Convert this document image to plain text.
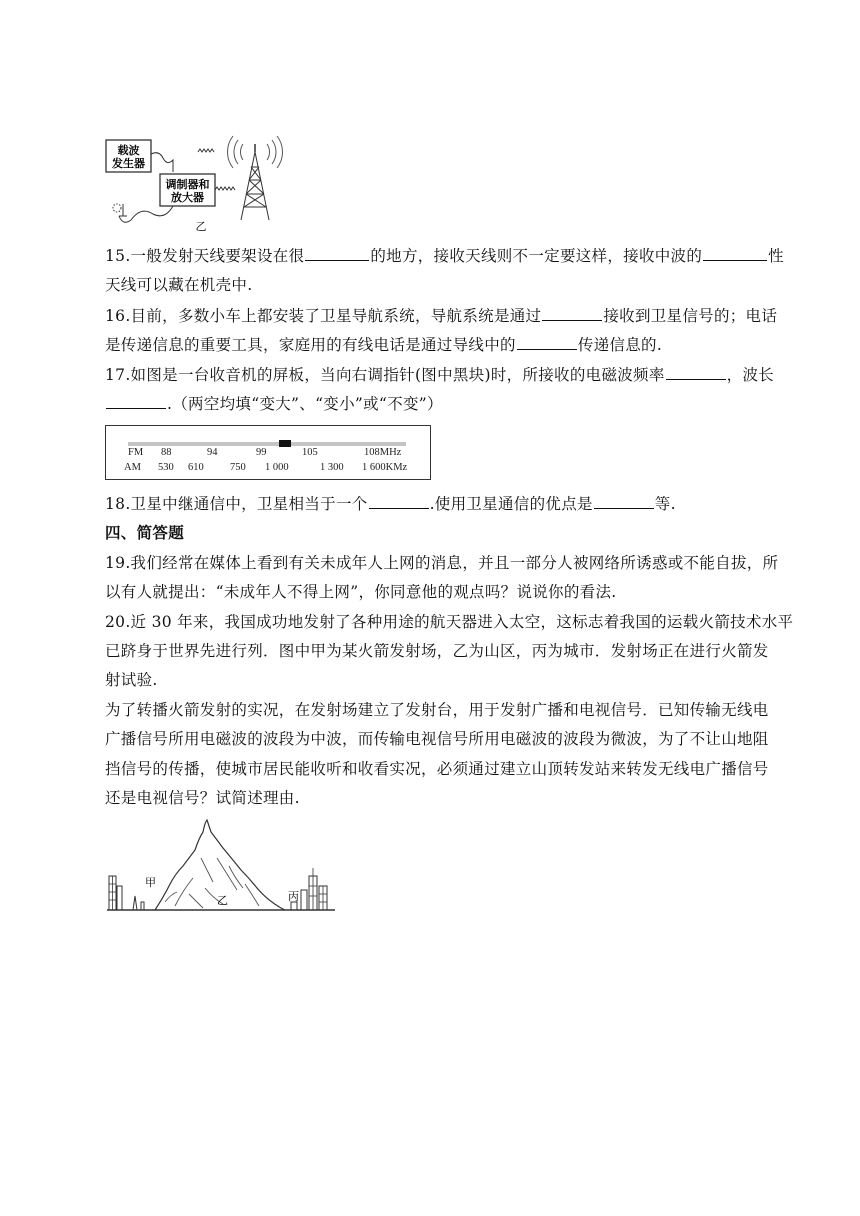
载波
发生器
调制器和
放大器
乙
15.一般发射天线要架设在很	的地方，接收天线则不一定要这样，接收中波的	性
天线可以藏在机壳中.
16.目前，多数小车上都安装了卫星导航系统，导航系统是通过	接收到卫星信号的；电话
是传递信息的重要工具，家庭用的有线电话是通过导线中的	传递信息的.
17.如图是一台收音机的屏板，当向右调指针(图中黑块)时，所接收的电磁波频率	，波长
.（两空均填“变大”、“变小”或“不变”）
FM 88	94	99	105	108MHz
AM 530 610	750 1 000	1 300 1 600KMz
18.卫星中继通信中，卫星相当于一个	.使用卫星通信的优点是	等.
四、简答题
19.我们经常在媒体上看到有关未成年人上网的消息，并且一部分人被网络所诱惑或不能自拔，所
以有人就提出：“未成年人不得上网”，你同意他的观点吗？说说你的看法.
20.近 30 年来，我国成功地发射了各种用途的航天器进入太空，这标志着我国的运载火箭技术水平
已跻身于世界先进行列．图中甲为某火箭发射场，乙为山区，丙为城市．发射场正在进行火箭发
射试验.
为了转播火箭发射的实况，在发射场建立了发射台，用于发射广播和电视信号．已知传输无线电
广播信号所用电磁波的波段为中波，而传输电视信号所用电磁波的波段为微波，为了不让山地阻
挡信号的传播，使城市居民能收听和收看实况，必须通过建立山顶转发站来转发无线电广播信号
还是电视信号？试简述理由.
甲
乙	丙
